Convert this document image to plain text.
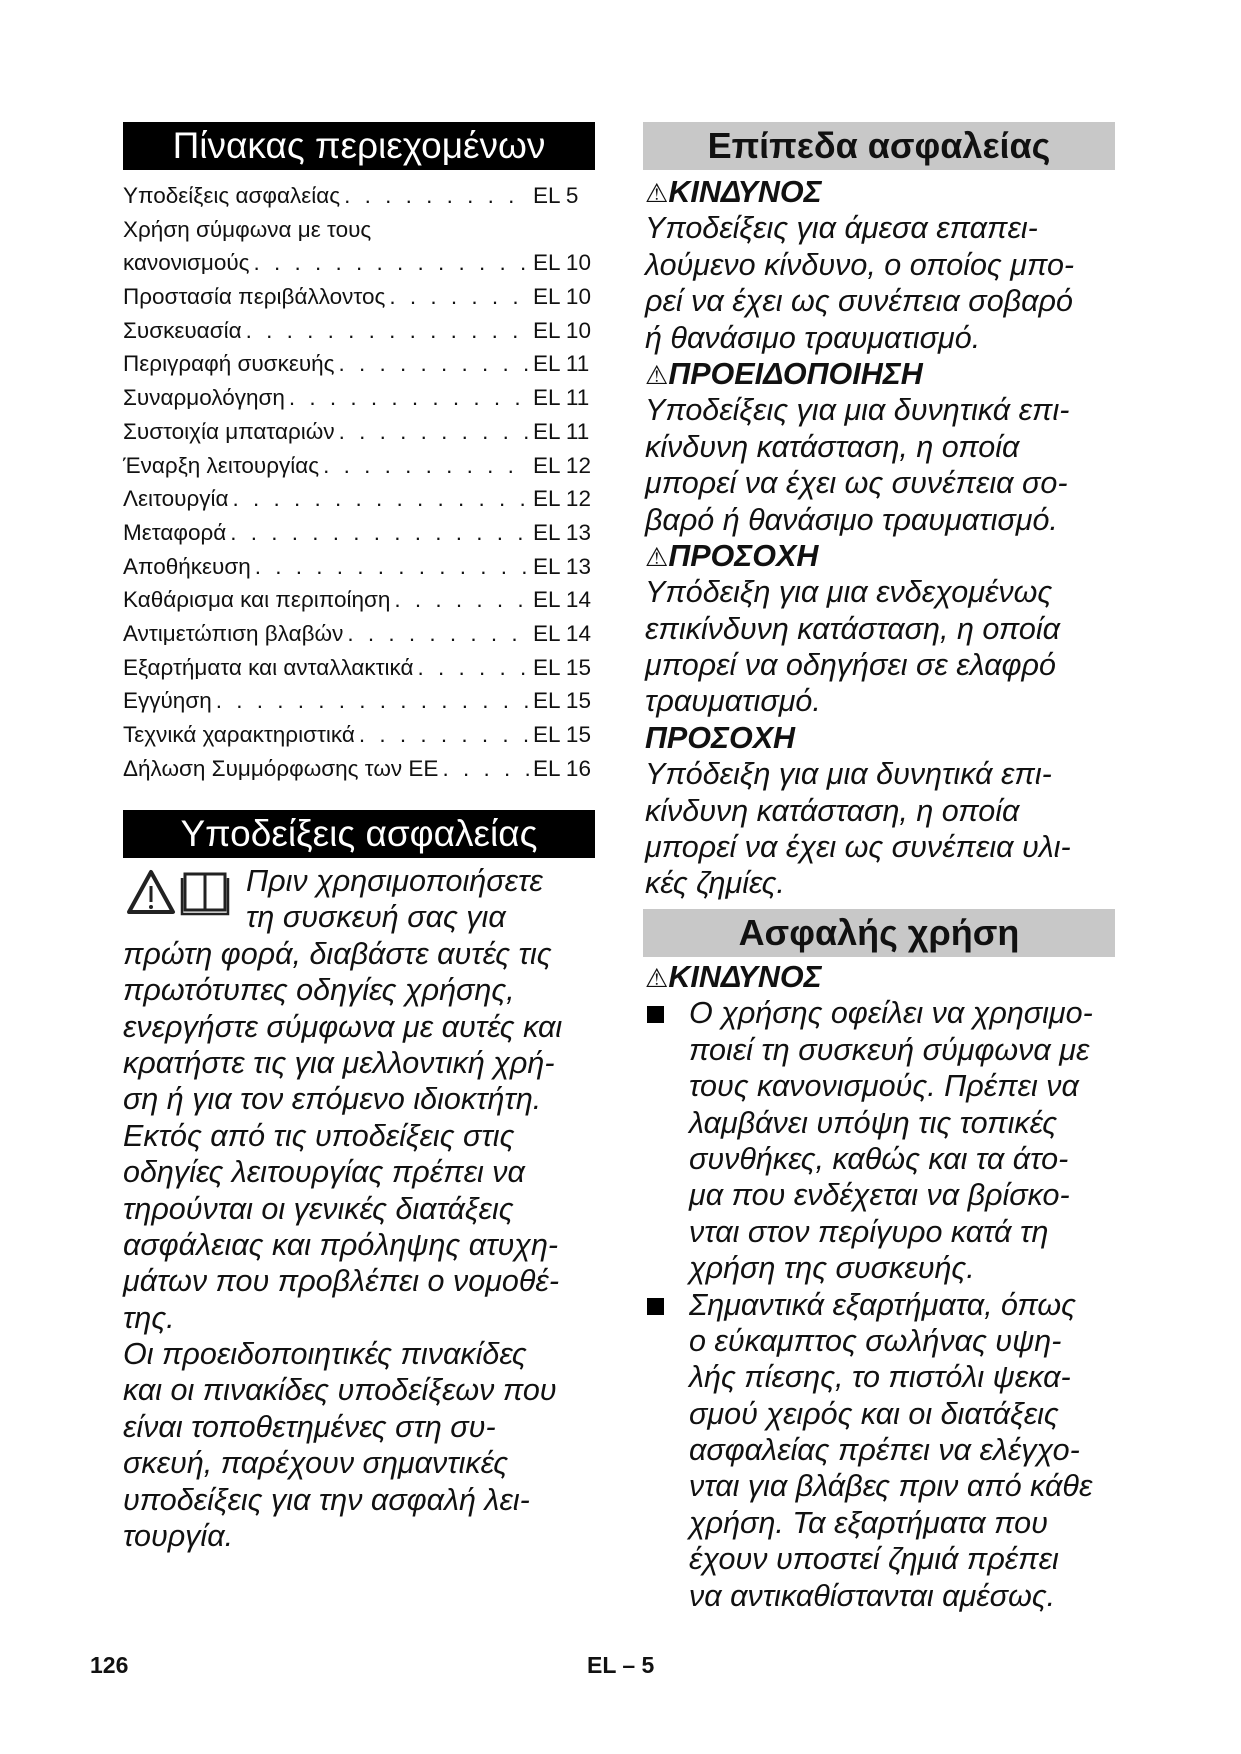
Πίνακας περιεχομένων
Υποδείξεις ασφαλείας . . .	EL 5
Χρήση σύμφωνα με τους
κανονισμούς . . .	EL 10
Προστασία περιβάλλοντος . . .	EL 10
Συσκευασία . . .	EL 10
Περιγραφή συσκευής . . .	EL 11
Συναρμολόγηση . . .	EL 11
Συστοιχία μπαταριών . . .	EL 11
Έναρξη λειτουργίας . . .	EL 12
Λειτουργία . . .	EL 12
Μεταφορά . . .	EL 13
Αποθήκευση . . .	EL 13
Καθάρισμα και περιποίηση . . .	EL 14
Αντιμετώπιση βλαβών . . .	EL 14
Εξαρτήματα και ανταλλακτικά . . .	EL 15
Εγγύηση . . .	EL 15
Τεχνικά χαρακτηριστικά . . .	EL 15
Δήλωση Συμμόρφωσης των ΕΕ . . .	EL 16
Υποδείξεις ασφαλείας
Πριν χρησιμοποιήσετε
τη συσκευή σας για
πρώτη φορά, διαβάστε αυτές τις
πρωτότυπες οδηγίες χρήσης,
ενεργήστε σύμφωνα με αυτές και
κρατήστε τις για μελλοντική χρή-
ση ή για τον επόμενο ιδιοκτήτη.
Εκτός από τις υποδείξεις στις
οδηγίες λειτουργίας πρέπει να
τηρούνται οι γενικές διατάξεις
ασφάλειας και πρόληψης ατυχη-
μάτων που προβλέπει ο νομοθέ-
της.
Οι προειδοποιητικές πινακίδες
και οι πινακίδες υποδείξεων που
είναι τοποθετημένες στη συ-
σκευή, παρέχουν σημαντικές
υποδείξεις για την ασφαλή λει-
τουργία.
Επίπεδα ασφαλείας
⚠ΚΙΝΔΥΝΟΣ
Υποδείξεις για άμεσα επαπει-
λούμενο κίνδυνο, ο οποίος μπο-
ρεί να έχει ως συνέπεια σοβαρό
ή θανάσιμο τραυματισμό.
⚠ΠΡΟΕΙΔΟΠΟΙΗΣΗ
Υποδείξεις για μια δυνητικά επι-
κίνδυνη κατάσταση, η οποία
μπορεί να έχει ως συνέπεια σο-
βαρό ή θανάσιμο τραυματισμό.
⚠ΠΡΟΣΟΧΗ
Υπόδειξη για μια ενδεχομένως
επικίνδυνη κατάσταση, η οποία
μπορεί να οδηγήσει σε ελαφρό
τραυματισμό.
ΠΡΟΣΟΧΗ
Υπόδειξη για μια δυνητικά επι-
κίνδυνη κατάσταση, η οποία
μπορεί να έχει ως συνέπεια υλι-
κές ζημίες.
Ασφαλής χρήση
⚠ΚΙΝΔΥΝΟΣ
Ο χρήσης οφείλει να χρησιμο-
ποιεί τη συσκευή σύμφωνα με
τους κανονισμούς. Πρέπει να
λαμβάνει υπόψη τις τοπικές
συνθήκες, καθώς και τα άτο-
μα που ενδέχεται να βρίσκο-
νται στον περίγυρο κατά τη
χρήση της συσκευής.
Σημαντικά εξαρτήματα, όπως
ο εύκαμπτος σωλήνας υψη-
λής πίεσης, το πιστόλι ψεκα-
σμού χειρός και οι διατάξεις
ασφαλείας πρέπει να ελέγχο-
νται για βλάβες πριν από κάθε
χρήση. Τα εξαρτήματα που
έχουν υποστεί ζημιά πρέπει
να αντικαθίστανται αμέσως.
126	EL – 5
